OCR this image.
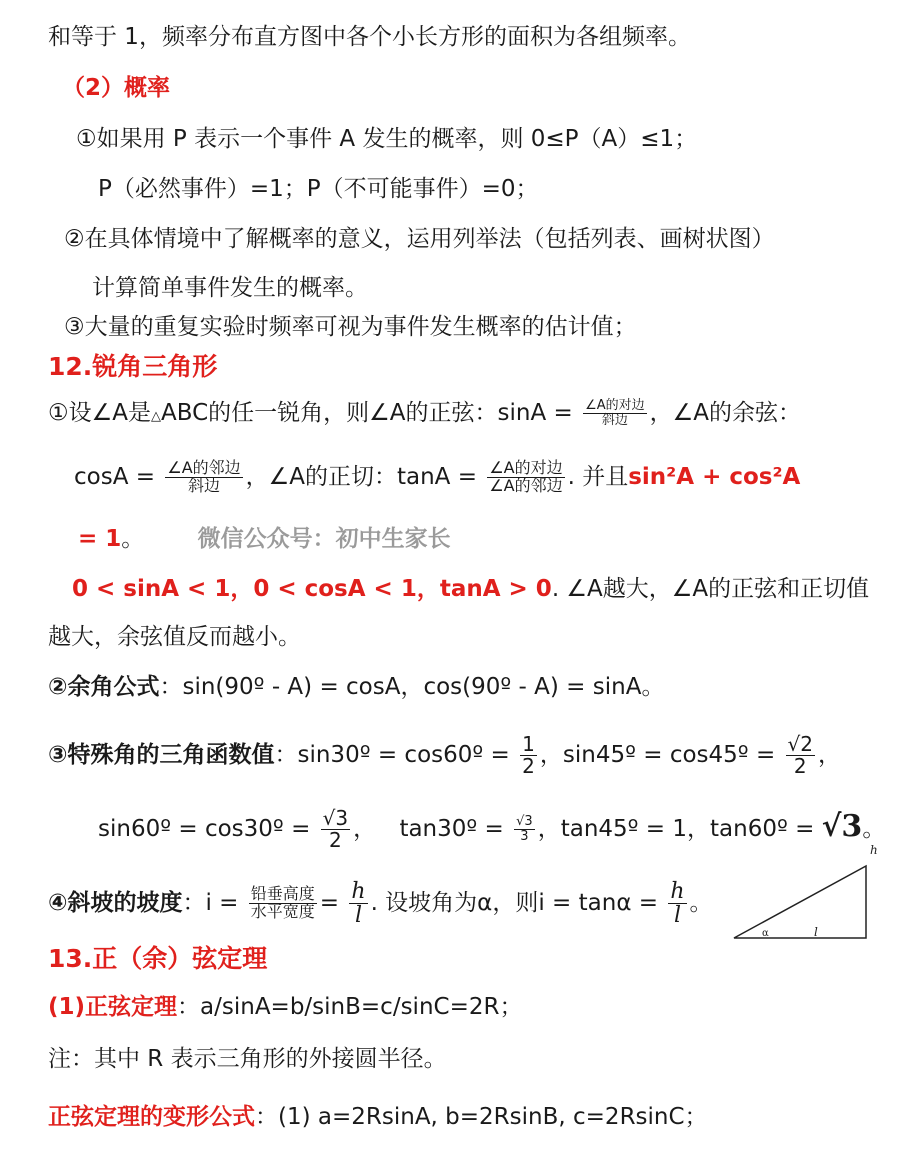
和等于 1，频率分布直方图中各个小长方形的面积为各组频率。
（2）概率
①如果用 P 表示一个事件 A 发生的概率，则 0≤P（A）≤1；
P（必然事件）=1；P（不可能事件）=0；
②在具体情境中了解概率的意义，运用列举法（包括列表、画树状图）
计算简单事件发生的概率。
③大量的重复实验时频率可视为事件发生概率的估计值；
12.锐角三角形
①设∠A是△ABC的任一锐角，则∠A的正弦：$\sin A = \frac{\text{∠A的对边}}{\text{斜边}}$ ，∠A的余弦：
$\cos A = \frac{\text{∠A的邻边}}{\text{斜边}}$ ，∠A的正切：$\tan A = \frac{\text{∠A的对边}}{\text{∠A的邻边}}$ . 并且sin²A + cos²A
= 1。 微信公众号：初中生家长
0 < sinA < 1，0 < cosA < 1，tanA > 0. ∠A越大，∠A的正弦和正切值
越大，余弦值反而越小。
②余角公式：sin(90º - A) = cosA，cos(90º - A) = sinA。
③特殊角的三角函数值：sin30º = cos60º = $\frac{1}{2}$ ，sin45º = cos45º = $\frac{√2}{2}$ ，
sin60º = cos30º = $\frac{√3}{2}$ ， tan30º = $\frac{√3}{3}$ ，tan45º = 1，tan60º = √3。
④斜坡的坡度：$i = \frac{\text{铅垂高度}}{\text{水平宽度}} = \frac{h}{l}$ . 设坡角为α，则$i = \tan\alpha = \frac{h}{l}$ 。
h
l
α
13.正（余）弦定理
(1)正弦定理：a/sinA=b/sinB=c/sinC=2R；
注：其中 R 表示三角形的外接圆半径。
正弦定理的变形公式：(1) a=2RsinA, b=2RsinB, c=2RsinC；
